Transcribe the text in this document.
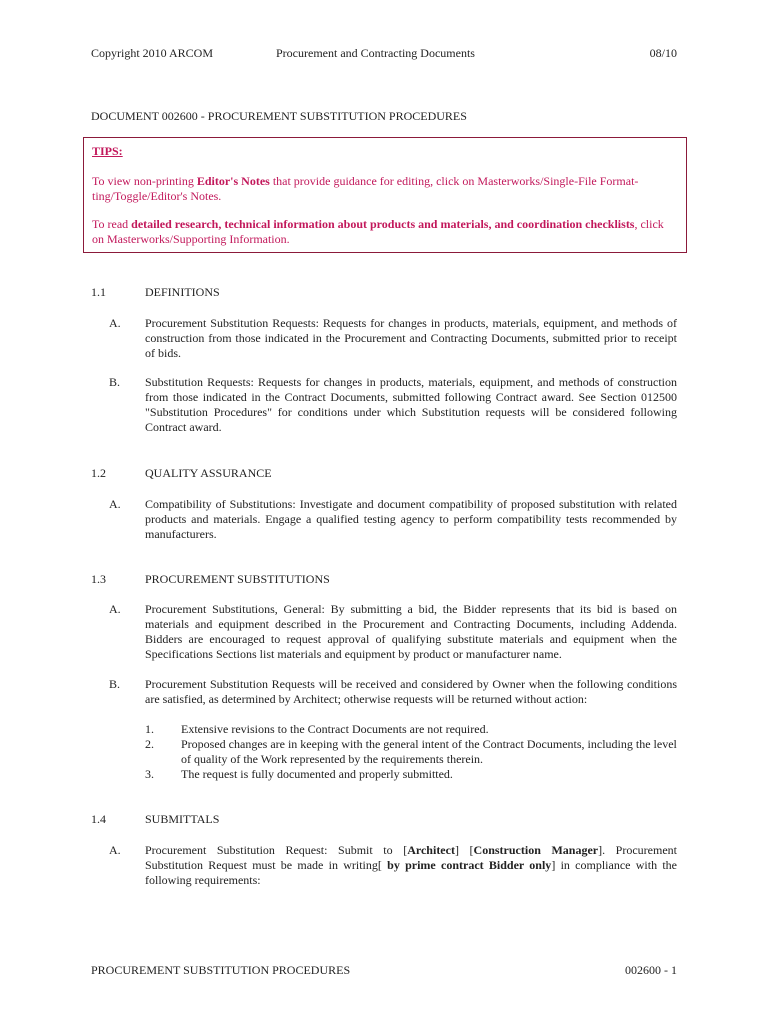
Copyright 2010 ARCOM	Procurement and Contracting Documents	08/10
DOCUMENT 002600 - PROCUREMENT SUBSTITUTION PROCEDURES

TIPS:

To view non-printing Editor's Notes that provide guidance for editing, click on Masterworks/Single-File Format-ting/Toggle/Editor's Notes.

To read detailed research, technical information about products and materials, and coordination checklists, click on Masterworks/Supporting Information.

1.1	DEFINITIONS
A. Procurement Substitution Requests: Requests for changes in products, materials, equipment, and methods of construction from those indicated in the Procurement and Contracting Documents, submitted prior to receipt of bids.
B. Substitution Requests: Requests for changes in products, materials, equipment, and methods of construction from those indicated in the Contract Documents, submitted following Contract award. See Section 012500 "Substitution Procedures" for conditions under which Substitution requests will be considered following Contract award.
1.2	QUALITY ASSURANCE
A. Compatibility of Substitutions: Investigate and document compatibility of proposed substitution with related products and materials. Engage a qualified testing agency to perform compatibility tests recommended by manufacturers.
1.3	PROCUREMENT SUBSTITUTIONS
A. Procurement Substitutions, General: By submitting a bid, the Bidder represents that its bid is based on materials and equipment described in the Procurement and Contracting Documents, including Addenda. Bidders are encouraged to request approval of qualifying substitute materials and equipment when the Specifications Sections list materials and equipment by product or manufacturer name.
B. Procurement Substitution Requests will be received and considered by Owner when the following conditions are satisfied, as determined by Architect; otherwise requests will be returned without action:
1. Extensive revisions to the Contract Documents are not required.
2. Proposed changes are in keeping with the general intent of the Contract Documents, including the level of quality of the Work represented by the requirements therein.
3. The request is fully documented and properly submitted.
1.4	SUBMITTALS
A. Procurement Substitution Request: Submit to [Architect] [Construction Manager]. Procurement Substitution Request must be made in writing[ by prime contract Bidder only] in compliance with the following requirements:
PROCUREMENT SUBSTITUTION PROCEDURES	002600 - 1
